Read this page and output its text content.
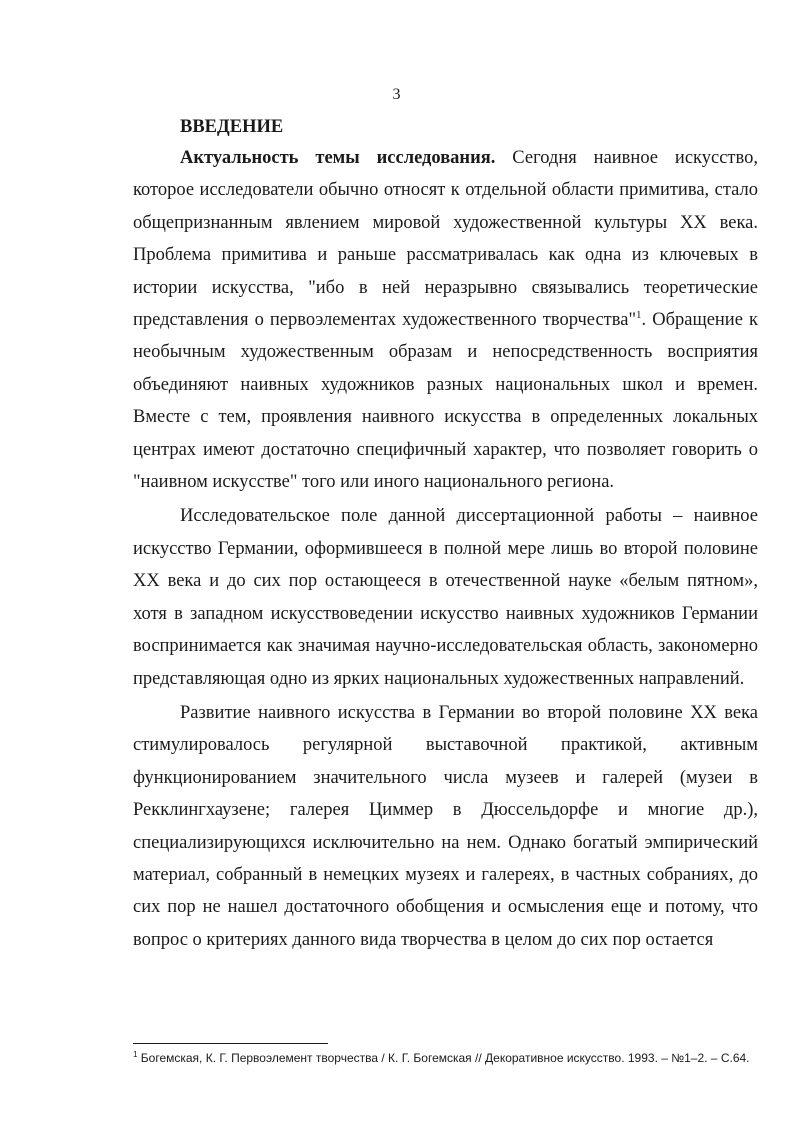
3
ВВЕДЕНИЕ

Актуальность темы исследования. Сегодня наивное искусство, которое исследователи обычно относят к отдельной области примитива, стало общепризнанным явлением мировой художественной культуры XX века. Проблема примитива и раньше рассматривалась как одна из ключевых в истории искусства, "ибо в ней неразрывно связывались теоретические представления о первоэлементах художественного творчества"$^1$. Обращение к необычным художественным образам и непосредственность восприятия объединяют наивных художников разных национальных школ и времен. Вместе с тем, проявления наивного искусства в определенных локальных центрах имеют достаточно специфичный характер, что позволяет говорить о "наивном искусстве" того или иного национального региона.

Исследовательское поле данной диссертационной работы – наивное искусство Германии, оформившееся в полной мере лишь во второй половине XX века и до сих пор остающееся в отечественной науке «белым пятном», хотя в западном искусствоведении искусство наивных художников Германии воспринимается как значимая научно-исследовательская область, закономерно представляющая одно из ярких национальных художественных направлений.

Развитие наивного искусства в Германии во второй половине XX века стимулировалось регулярной выставочной практикой, активным функционированием значительного числа музеев и галерей (музеи в Рекклингхаузене; галерея Циммер в Дюссельдорфе и многие др.), специализирующихся исключительно на нем. Однако богатый эмпирический материал, собранный в немецких музеях и галереях, в частных собраниях, до сих пор не нашел достаточного обобщения и осмысления еще и потому, что вопрос о критериях данного вида творчества в целом до сих пор остается

$^1$ Богемская, К. Г. Первоэлемент творчества / К. Г. Богемская // Декоративное искусство. 1993. – №1–2. – С.64.
